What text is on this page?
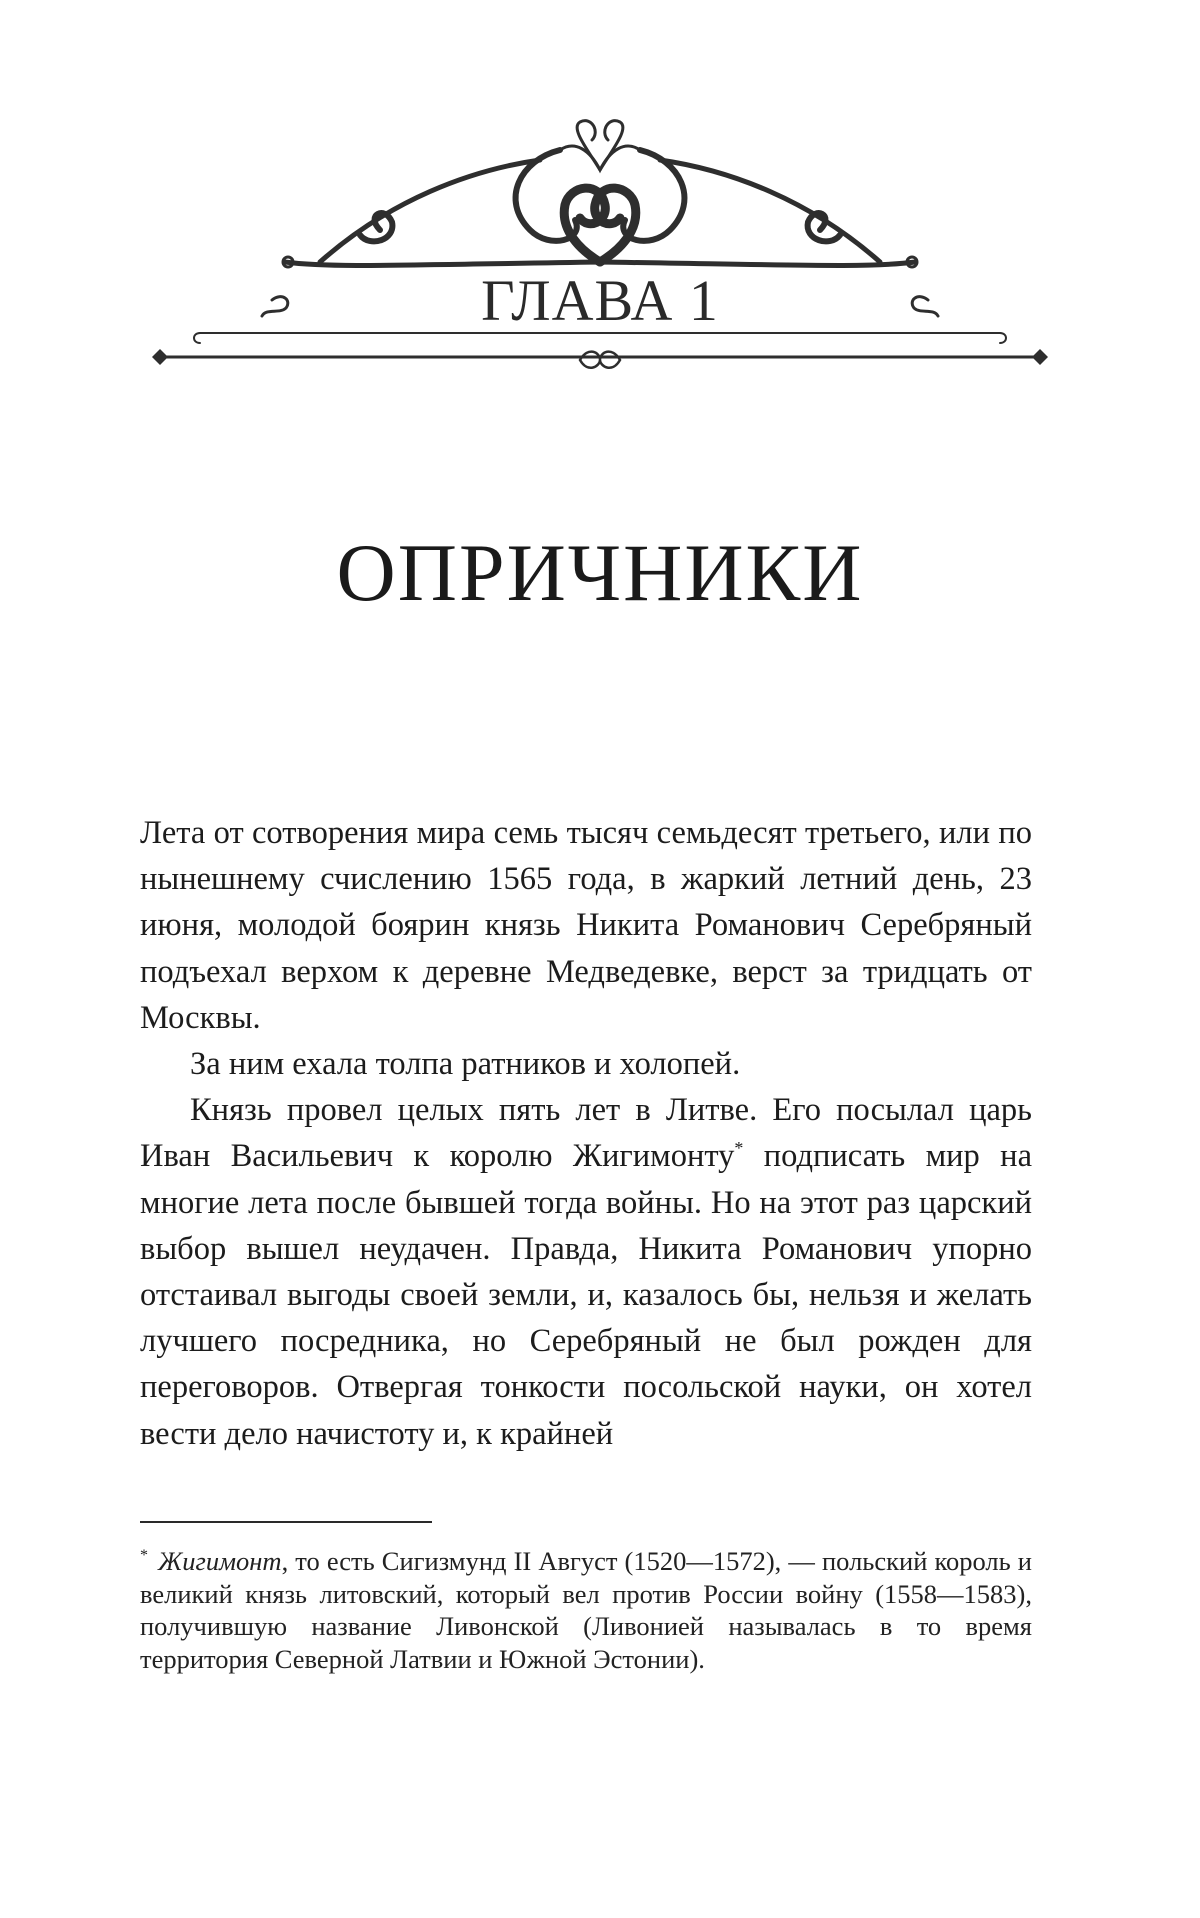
ГЛАВА 1
ОПРИЧНИКИ

Лета от сотворения мира семь тысяч семьдесят третьего, или по нынешнему счислению 1565 года, в жаркий летний день, 23 июня, молодой боярин князь Никита Романович Серебряный подъехал верхом к деревне Медведевке, верст за тридцать от Москвы.

За ним ехала толпа ратников и холопей.

Князь провел целых пять лет в Литве. Его посылал царь Иван Васильевич к королю Жигимонту* подписать мир на многие лета после бывшей тогда войны. Но на этот раз царский выбор вышел неудачен. Правда, Никита Романович упорно отстаивал выгоды своей земли, и, казалось бы, нельзя и желать лучшего посредника, но Серебряный не был рожден для переговоров. Отвергая тонкости посольской науки, он хотел вести дело начистоту и, к крайней

* Жигимонт, то есть Сигизмунд II Август (1520—1572), — польский король и великий князь литовский, который вел против России войну (1558—1583), получившую название Ливонской (Ливонией называлась в то время территория Северной Латвии и Южной Эстонии).
